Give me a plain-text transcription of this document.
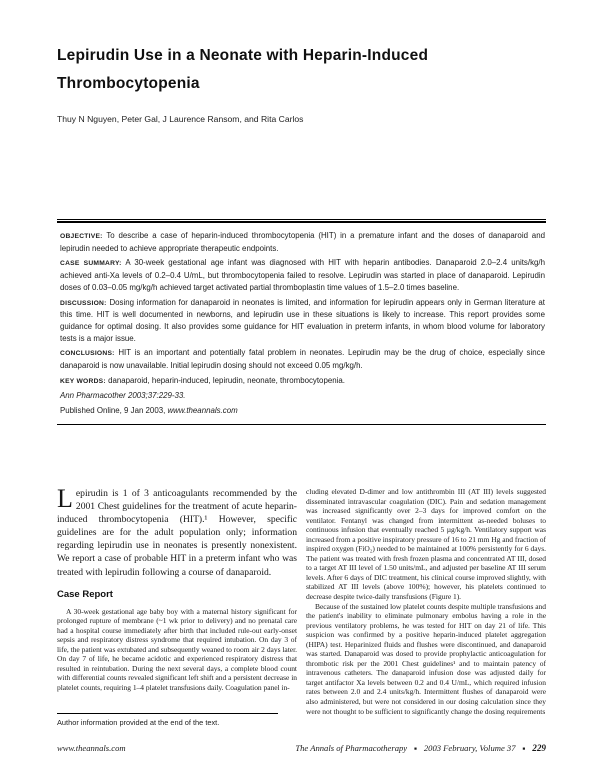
Lepirudin Use in a Neonate with Heparin-Induced Thrombocytopenia

Thuy N Nguyen, Peter Gal, J Laurence Ransom, and Rita Carlos

OBJECTIVE: To describe a case of heparin-induced thrombocytopenia (HIT) in a premature infant and the doses of danaparoid and lepirudin needed to achieve appropriate therapeutic endpoints.

CASE SUMMARY: A 30-week gestational age infant was diagnosed with HIT with heparin antibodies. Danaparoid 2.0–2.4 units/kg/h achieved anti-Xa levels of 0.2–0.4 U/mL, but thrombocytopenia failed to resolve. Lepirudin was started in place of danaparoid. Lepirudin doses of 0.03–0.05 mg/kg/h achieved target activated partial thromboplastin time values of 1.5–2.0 times baseline.

DISCUSSION: Dosing information for danaparoid in neonates is limited, and information for lepirudin appears only in German literature at this time. HIT is well documented in newborns, and lepirudin use in these situations is likely to increase. This report provides some guidance for optimal dosing. It also provides some guidance for HIT evaluation in preterm infants, in whom blood volume for laboratory tests is a major issue.

CONCLUSIONS: HIT is an important and potentially fatal problem in neonates. Lepirudin may be the drug of choice, especially since danaparoid is now unavailable. Initial lepirudin dosing should not exceed 0.05 mg/kg/h.

KEY WORDS: danaparoid, heparin-induced, lepirudin, neonate, thrombocytopenia.

Ann Pharmacother 2003;37:229-33.

Published Online, 9 Jan 2003, www.theannals.com

Lepirudin is 1 of 3 anticoagulants recommended by the 2001 Chest guidelines for the treatment of acute heparin-induced thrombocytopenia (HIT).¹ However, specific guidelines are for the adult population only; information regarding lepirudin use in neonates is presently nonexistent. We report a case of probable HIT in a preterm infant who was treated with lepirudin following a course of danaparoid.

Case Report

A 30-week gestational age baby boy with a maternal history significant for prolonged rupture of membrane (~1 wk prior to delivery) and no prenatal care had a hospital course immediately after birth that included rule-out early-onset sepsis and respiratory distress syndrome that required intubation. On day 3 of life, the patient was extubated and subsequently weaned to room air 2 days later. On day 7 of life, he became acidotic and experienced respiratory distress that resulted in reintubation. During the next several days, a complete blood count with differential counts revealed significant left shift and a persistent decrease in platelet counts, requiring 1–4 platelet transfusions daily. Coagulation panel in-

cluding elevated D-dimer and low antithrombin III (AT III) levels suggested disseminated intravascular coagulation (DIC). Pain and sedation management was increased significantly over 2–3 days for improved comfort on the ventilator. Fentanyl was changed from intermittent as-needed boluses to continuous infusion that eventually reached 5 µg/kg/h. Ventilatory support was increased from a positive inspiratory pressure of 16 to 21 mm Hg and fraction of inspired oxygen (FiO₂) needed to be maintained at 100% persistently for 6 days. The patient was treated with fresh frozen plasma and concentrated AT III, dosed to a target AT III level of 1.50 units/mL, and adjusted per baseline AT III serum levels. After 6 days of DIC treatment, his clinical course improved slightly, with stabilized AT III levels (above 100%); however, his platelets continued to decrease despite twice-daily transfusions (Figure 1).

Because of the sustained low platelet counts despite multiple transfusions and the patient's inability to eliminate pulmonary embolus having a role in the previous ventilatory problems, he was tested for HIT on day 21 of life. This suspicion was confirmed by a positive heparin-induced platelet aggregation (HIPA) test. Heparinized fluids and flushes were discontinued, and danaparoid was started. Danaparoid was dosed to provide prophylactic anticoagulation for thrombotic risk per the 2001 Chest guidelines¹ and to maintain patency of intravenous catheters. The danaparoid infusion dose was adjusted daily for target antifactor Xa levels between 0.2 and 0.4 U/mL, which required infusion rates between 2.0 and 2.4 units/kg/h. Intermittent flushes of danaparoid were also administered, but were not considered in our dosing calculation since they were not thought to be sufficient to significantly change the dosing requirements

Author information provided at the end of the text.

www.theannals.com	The Annals of Pharmacotherapy ■ 2003 February, Volume 37 ■ 229
